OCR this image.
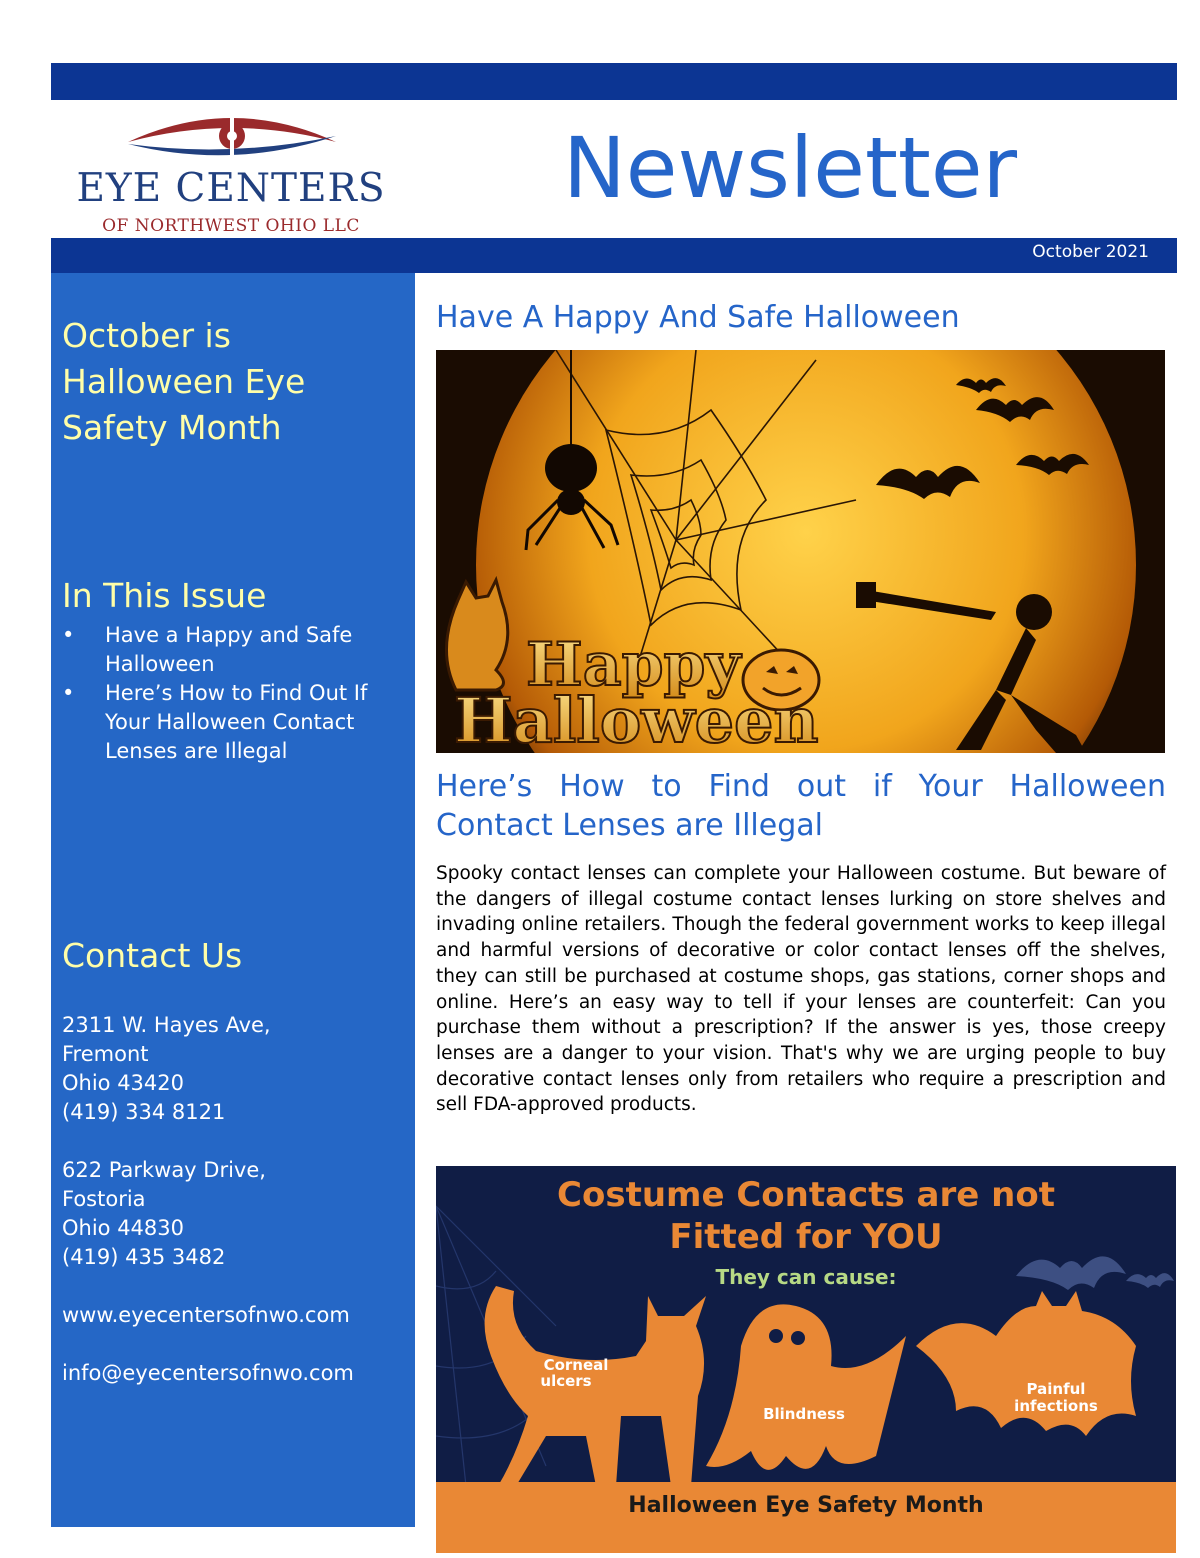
EYE CENTERS
OF NORTHWEST OHIO LLC
Newsletter
October 2021
October is Halloween Eye Safety Month
In This Issue
• Have a Happy and Safe Halloween
• Here’s How to Find Out If Your Halloween Contact Lenses are Illegal
Contact Us

2311 W. Hayes Ave,
Fremont
Ohio 43420
(419) 334 8121

622 Parkway Drive,
Fostoria
Ohio 44830
(419) 435 3482

www.eyecentersofnwo.com

info@eyecentersofnwo.com

Have A Happy And Safe Halloween
Happy
Halloween
Here’s How to Find out if Your Halloween Contact Lenses are Illegal

Spooky contact lenses can complete your Halloween costume. But beware of the dangers of illegal costume contact lenses lurking on store shelves and invading online retailers. Though the federal government works to keep illegal and harmful versions of decorative or color contact lenses off the shelves, they can still be purchased at costume shops, gas stations, corner shops and online. Here’s an easy way to tell if your lenses are counterfeit: Can you purchase them without a prescription? If the answer is yes, those creepy lenses are a danger to your vision. That's why we are urging people to buy decorative contact lenses only from retailers who require a prescription and sell FDA-approved products.

Costume Contacts are not
Fitted for YOU
They can cause:
Corneal
ulcers
Blindness
Painful
infections
Halloween Eye Safety Month
